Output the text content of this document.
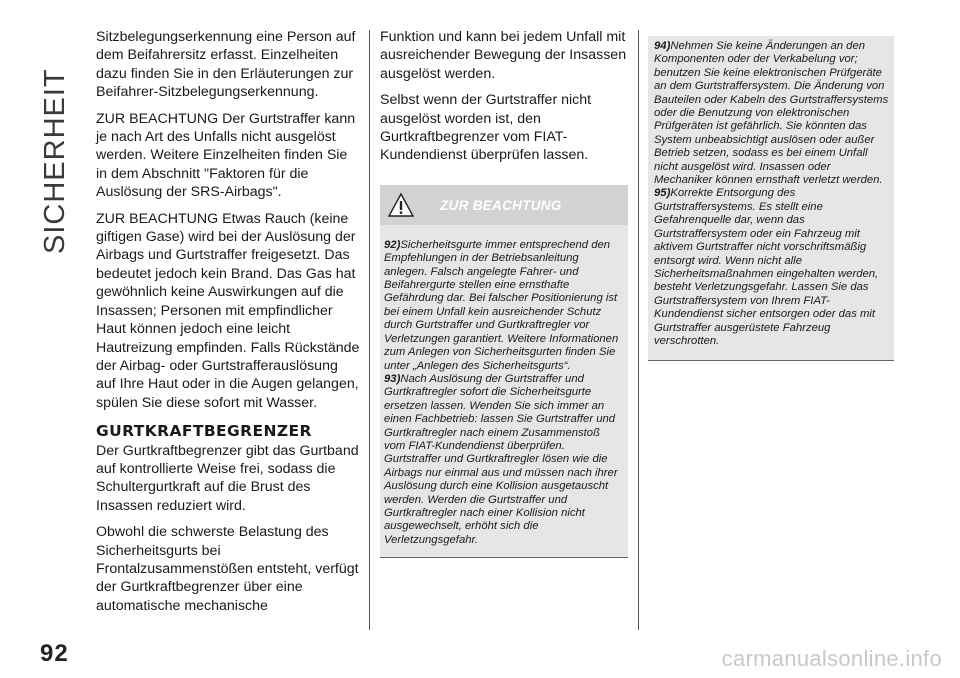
SICHERHEIT
92

Sitzbelegungserkennung eine Person auf dem Beifahrersitz erfasst. Einzelheiten dazu finden Sie in den Erläuterungen zur Beifahrer-Sitzbelegungserkennung.

ZUR BEACHTUNG Der Gurtstraffer kann je nach Art des Unfalls nicht ausgelöst werden. Weitere Einzelheiten finden Sie in dem Abschnitt "Faktoren für die Auslösung der SRS-Airbags".

ZUR BEACHTUNG Etwas Rauch (keine giftigen Gase) wird bei der Auslösung der Airbags und Gurtstraffer freigesetzt. Das bedeutet jedoch kein Brand. Das Gas hat gewöhnlich keine Auswirkungen auf die Insassen; Personen mit empfindlicher Haut können jedoch eine leicht Hautreizung empfinden. Falls Rückstände der Airbag- oder Gurtstrafferauslösung auf Ihre Haut oder in die Augen gelangen, spülen Sie diese sofort mit Wasser.

GURTKRAFTBEGRENZER

Der Gurtkraftbegrenzer gibt das Gurtband auf kontrollierte Weise frei, sodass die Schultergurtkraft auf die Brust des Insassen reduziert wird.

Obwohl die schwerste Belastung des Sicherheitsgurts bei Frontalzusammenstößen entsteht, verfügt der Gurtkraftbegrenzer über eine automatische mechanische

Funktion und kann bei jedem Unfall mit ausreichender Bewegung der Insassen ausgelöst werden.

Selbst wenn der Gurtstraffer nicht ausgelöst worden ist, den Gurtkraftbegrenzer vom FIAT-Kundendienst überprüfen lassen.

ZUR BEACHTUNG

92)Sicherheitsgurte immer entsprechend den Empfehlungen in der Betriebsanleitung anlegen. Falsch angelegte Fahrer- und Beifahrergurte stellen eine ernsthafte Gefährdung dar. Bei falscher Positionierung ist bei einem Unfall kein ausreichender Schutz durch Gurtstraffer und Gurtkraftregler vor Verletzungen garantiert. Weitere Informationen zum Anlegen von Sicherheitsgurten finden Sie unter „Anlegen des Sicherheitsgurts“.

93)Nach Auslösung der Gurtstraffer und Gurtkraftregler sofort die Sicherheitsgurte ersetzen lassen. Wenden Sie sich immer an einen Fachbetrieb: lassen Sie Gurtstraffer und Gurtkraftregler nach einem Zusammenstoß vom FIAT-Kundendienst überprüfen. Gurtstraffer und Gurtkraftregler lösen wie die Airbags nur einmal aus und müssen nach ihrer Auslösung durch eine Kollision ausgetauscht werden. Werden die Gurtstraffer und Gurtkraftregler nach einer Kollision nicht ausgewechselt, erhöht sich die Verletzungsgefahr.

94)Nehmen Sie keine Änderungen an den Komponenten oder der Verkabelung vor; benutzen Sie keine elektronischen Prüfgeräte an dem Gurtstraffersystem. Die Änderung von Bauteilen oder Kabeln des Gurtstraffersystems oder die Benutzung von elektronischen Prüfgeräten ist gefährlich. Sie könnten das System unbeabsichtigt auslösen oder außer Betrieb setzen, sodass es bei einem Unfall nicht ausgelöst wird. Insassen oder Mechaniker können ernsthaft verletzt werden.

95)Korrekte Entsorgung des Gurtstraffersystems. Es stellt eine Gefahrenquelle dar, wenn das Gurtstraffersystem oder ein Fahrzeug mit aktivem Gurtstraffer nicht vorschriftsmäßig entsorgt wird. Wenn nicht alle Sicherheitsmaßnahmen eingehalten werden, besteht Verletzungsgefahr. Lassen Sie das Gurtstraffersystem von Ihrem FIAT-Kundendienst sicher entsorgen oder das mit Gurtstraffer ausgerüstete Fahrzeug verschrotten.

carmanualsonline.info
